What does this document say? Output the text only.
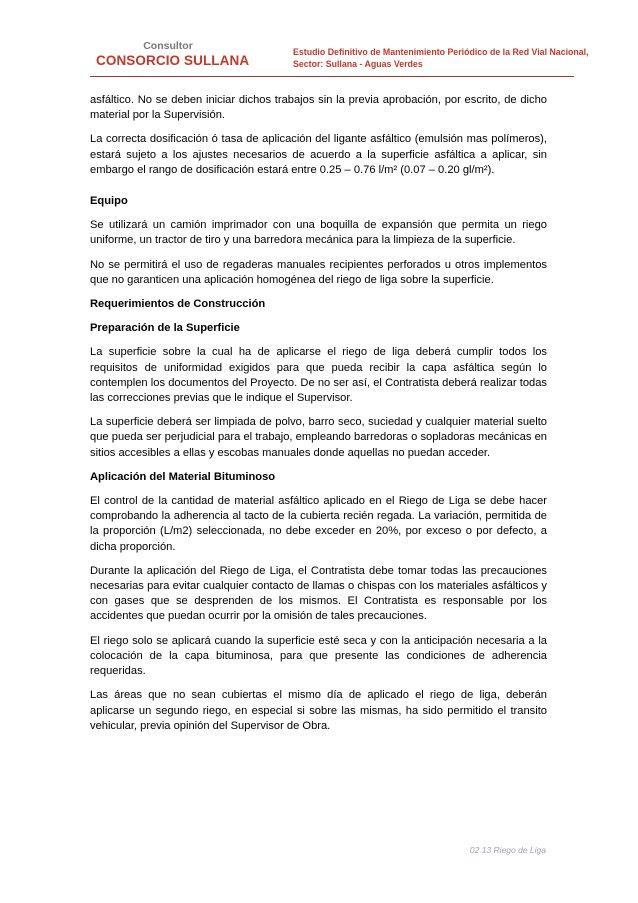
Consultor
CONSORCIO SULLANA
Estudio Definitivo de Mantenimiento Periódico de la Red Vial Nacional, Sector: Sullana - Aguas Verdes

asfáltico. No se deben iniciar dichos trabajos sin la previa aprobación, por escrito, de dicho material por la Supervisión.

La correcta dosificación ó tasa de aplicación del ligante asfáltico (emulsión mas polímeros), estará sujeto a los ajustes necesarios de acuerdo a la superficie asfáltica a aplicar, sin embargo el rango de dosificación estará entre 0.25 – 0.76 l/m² (0.07 – 0.20 gl/m²).

Equipo

Se utilizará un camión imprimador con una boquilla de expansión que permita un riego uniforme, un tractor de tiro y una barredora mecánica para la limpieza de la superficie.

No se permitirá el uso de regaderas manuales recipientes perforados u otros implementos que no garanticen una aplicación homogénea del riego de liga sobre la superficie.

Requerimientos de Construcción
Preparación de la Superficie

La superficie sobre la cual ha de aplicarse el riego de liga deberá cumplir todos los requisitos de uniformidad exigidos para que pueda recibir la capa asfáltica según lo contemplen los documentos del Proyecto. De no ser así, el Contratista deberá realizar todas las correcciones previas que le indique el Supervisor.

La superficie deberá ser limpiada de polvo, barro seco, suciedad y cualquier material suelto que pueda ser perjudicial para el trabajo, empleando barredoras o sopladoras mecánicas en sitios accesibles a ellas y escobas manuales donde aquellas no puedan acceder.

Aplicación del Material Bituminoso

El control de la cantidad de material asfáltico aplicado en el Riego de Liga se debe hacer comprobando la adherencia al tacto de la cubierta recién regada. La variación, permitida de la proporción (L/m2) seleccionada, no debe exceder en 20%, por exceso o por defecto, a dicha proporción.

Durante la aplicación del Riego de Liga, el Contratista debe tomar todas las precauciones necesarias para evitar cualquier contacto de llamas o chispas con los materiales asfálticos y con gases que se desprenden de los mismos. El Contratista es responsable por los accidentes que puedan ocurrir por la omisión de tales precauciones.

El riego solo se aplicará cuando la superficie esté seca y con la anticipación necesaria a la colocación de la capa bituminosa, para que presente las condiciones de adherencia requeridas.

Las áreas que no sean cubiertas el mismo día de aplicado el riego de liga, deberán aplicarse un segundo riego, en especial si sobre las mismas, ha sido permitido el transito vehicular, previa opinión del Supervisor de Obra.

02.13 Riego de Liga
